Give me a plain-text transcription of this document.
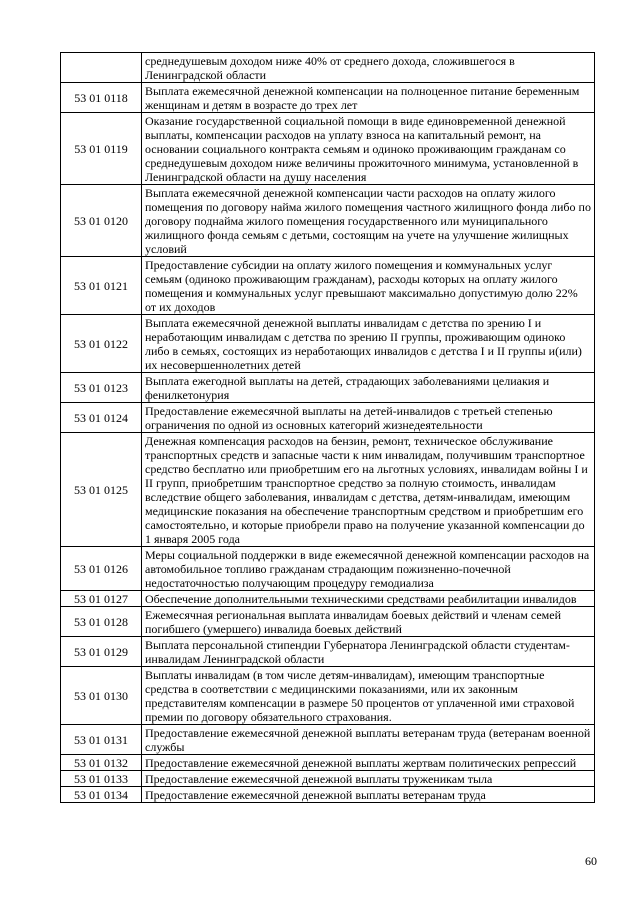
	среднедушевым доходом ниже 40% от среднего дохода, сложившегося в Ленинградской области
53 01 0118	Выплата ежемесячной денежной компенсации на полноценное питание беременным женщинам и детям в возрасте до трех лет
53 01 0119	Оказание государственной социальной помощи в виде единовременной денежной выплаты, компенсации расходов на уплату взноса на капитальный ремонт, на основании социального контракта семьям и одиноко проживающим гражданам со среднедушевым доходом ниже величины прожиточного минимума, установленной в Ленинградской области на душу населения
53 01 0120	Выплата ежемесячной денежной компенсации части расходов на оплату жилого помещения по договору найма жилого помещения частного жилищного фонда либо по договору поднайма жилого помещения государственного или муниципального жилищного фонда семьям с детьми, состоящим на учете на улучшение жилищных условий
53 01 0121	Предоставление субсидии на оплату жилого помещения и коммунальных услуг семьям (одиноко проживающим гражданам), расходы которых на оплату жилого помещения и коммунальных услуг превышают максимально допустимую долю 22% от их доходов
53 01 0122	Выплата ежемесячной денежной выплаты инвалидам с детства по зрению I и неработающим инвалидам с детства по зрению II группы, проживающим одиноко либо в семьях, состоящих из неработающих инвалидов с детства I и II группы и(или) их несовершеннолетних детей
53 01 0123	Выплата ежегодной выплаты на детей, страдающих заболеваниями целиакия и фенилкетонурия
53 01 0124	Предоставление ежемесячной выплаты на детей-инвалидов с третьей степенью ограничения по одной из основных категорий жизнедеятельности
53 01 0125	Денежная компенсация расходов на бензин, ремонт, техническое обслуживание транспортных средств и запасные части к ним инвалидам, получившим транспортное средство бесплатно или приобретшим его на льготных условиях, инвалидам войны I и II групп, приобретшим транспортное средство за полную стоимость, инвалидам вследствие общего заболевания, инвалидам с детства, детям-инвалидам, имеющим медицинские показания на обеспечение транспортным средством и приобретшим его самостоятельно, и которые приобрели право на получение указанной компенсации до 1 января 2005 года
53 01 0126	Меры социальной поддержки в виде ежемесячной денежной компенсации расходов на автомобильное топливо гражданам страдающим пожизненно-почечной недостаточностью получающим процедуру гемодиализа
53 01 0127	Обеспечение дополнительными техническими средствами реабилитации инвалидов
53 01 0128	Ежемесячная региональная выплата инвалидам боевых действий и членам семей погибшего (умершего) инвалида боевых действий
53 01 0129	Выплата персональной стипендии Губернатора Ленинградской области студентам-инвалидам Ленинградской области
53 01 0130	Выплаты инвалидам (в том числе детям-инвалидам), имеющим транспортные средства в соответствии с медицинскими показаниями, или их законным представителям компенсации в размере 50 процентов от уплаченной ими страховой премии по договору обязательного страхования.
53 01 0131	Предоставление ежемесячной денежной выплаты ветеранам труда (ветеранам военной службы
53 01 0132	Предоставление ежемесячной денежной выплаты жертвам политических репрессий
53 01 0133	Предоставление ежемесячной денежной выплаты труженикам тыла
53 01 0134	Предоставление ежемесячной денежной выплаты ветеранам труда
60
